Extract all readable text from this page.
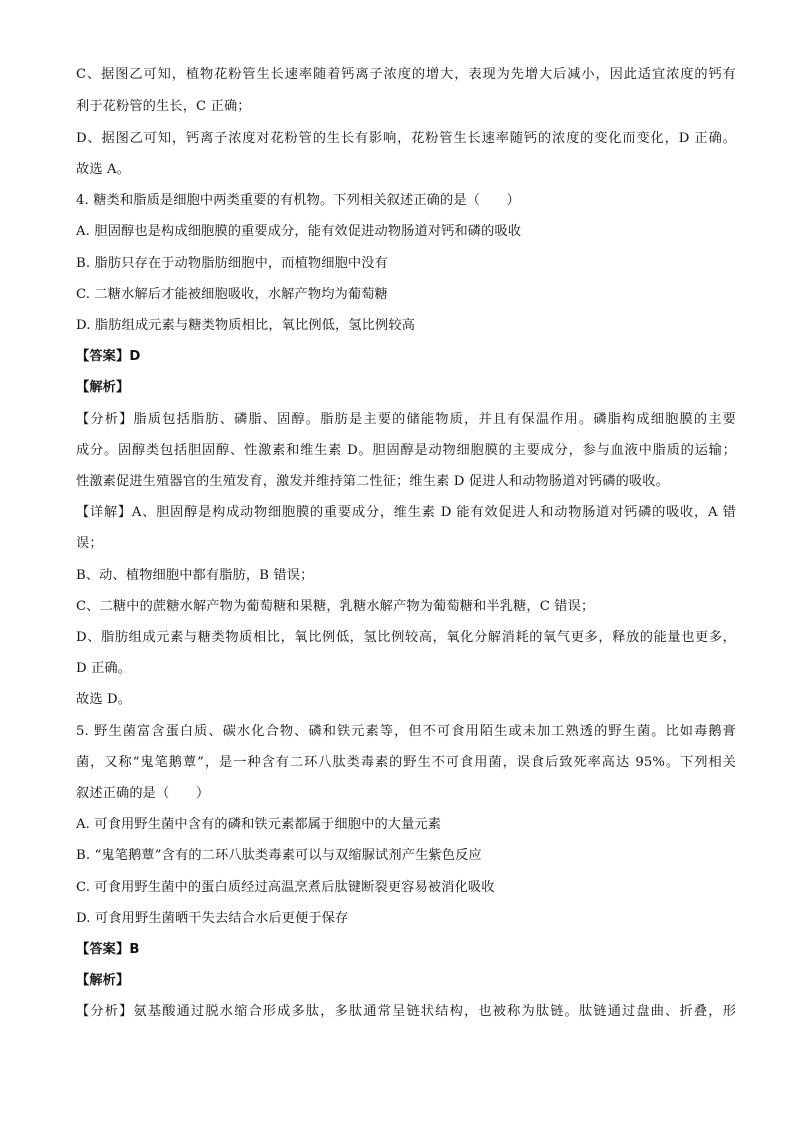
C、据图乙可知，植物花粉管生长速率随着钙离子浓度的增大，表现为先增大后减小，因此适宜浓度的钙有
利于花粉管的生长，C 正确；
D、据图乙可知，钙离子浓度对花粉管的生长有影响，花粉管生长速率随钙的浓度的变化而变化，D 正确。
故选 A。
4. 糖类和脂质是细胞中两类重要的有机物。下列相关叙述正确的是（　　）
A. 胆固醇也是构成细胞膜的重要成分，能有效促进动物肠道对钙和磷的吸收
B. 脂肪只存在于动物脂肪细胞中，而植物细胞中没有
C. 二糖水解后才能被细胞吸收，水解产物均为葡萄糖
D. 脂肪组成元素与糖类物质相比，氧比例低，氢比例较高
【答案】D
【解析】
【分析】脂质包括脂肪、磷脂、固醇。脂肪是主要的储能物质，并且有保温作用。磷脂构成细胞膜的主要
成分。固醇类包括胆固醇、性激素和维生素 D。胆固醇是动物细胞膜的主要成分，参与血液中脂质的运输；
性激素促进生殖器官的生殖发育，激发并维持第二性征；维生素 D 促进人和动物肠道对钙磷的吸收。
【详解】A、胆固醇是构成动物细胞膜的重要成分，维生素 D 能有效促进人和动物肠道对钙磷的吸收，A 错
误；
B、动、植物细胞中都有脂肪，B 错误；
C、二糖中的蔗糖水解产物为葡萄糖和果糖，乳糖水解产物为葡萄糖和半乳糖，C 错误；
D、脂肪组成元素与糖类物质相比，氧比例低，氢比例较高，氧化分解消耗的氧气更多，释放的能量也更多，
D 正确。
故选 D。
5. 野生菌富含蛋白质、碳水化合物、磷和铁元素等，但不可食用陌生或未加工熟透的野生菌。比如毒鹅膏
菌，又称“鬼笔鹅蕈”，是一种含有二环八肽类毒素的野生不可食用菌，误食后致死率高达 95%。下列相关
叙述正确的是（　　）
A. 可食用野生菌中含有的磷和铁元素都属于细胞中的大量元素
B. “鬼笔鹅蕈”含有的二环八肽类毒素可以与双缩脲试剂产生紫色反应
C. 可食用野生菌中的蛋白质经过高温烹煮后肽键断裂更容易被消化吸收
D. 可食用野生菌晒干失去结合水后更便于保存
【答案】B
【解析】
【分析】氨基酸通过脱水缩合形成多肽，多肽通常呈链状结构，也被称为肽链。肽链通过盘曲、折叠，形
